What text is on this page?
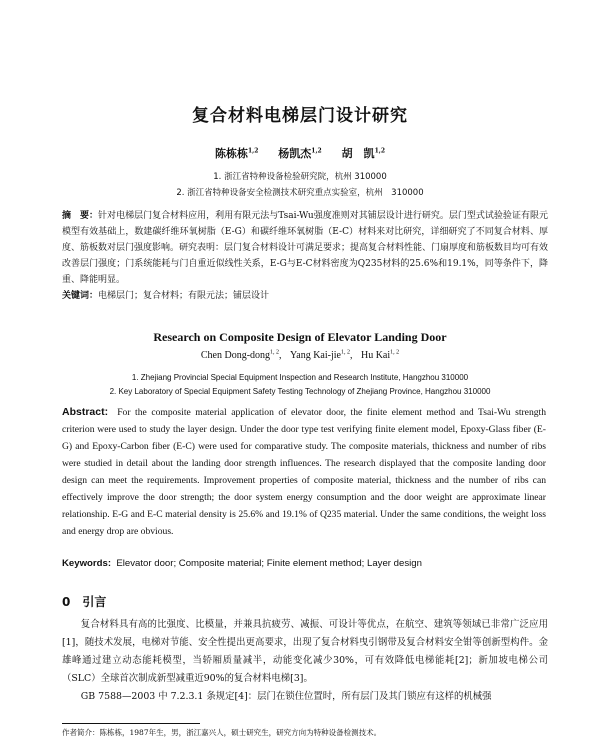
复合材料电梯层门设计研究
陈栋栋$^{1,2}$ 杨凯杰$^{1,2}$ 胡　凯$^{1,2}$
1. 浙江省特种设备检验研究院，杭州 310000
2. 浙江省特种设备安全检测技术研究重点实验室，杭州　310000
摘　要：针对电梯层门复合材料应用，利用有限元法与Tsai-Wu强度准则对其铺层设计进行研究。层门型式试验验证有限元模型有效基础上，数建碳纤维环氧树脂（E-G）和碳纤维环氧树脂（E-C）材料来对比研究，详细研究了不同复合材料、厚度、筋板数对层门强度影响。研究表明：层门复合材料设计可满足要求；提高复合材料性能、门扇厚度和筋板数目均可有效改善层门强度；门系统能耗与门自重近似线性关系，E-G与E-C材料密度为Q235材料的25.6%和19.1%，同等条件下，降重、降能明显。
关键词：电梯层门；复合材料；有限元法；铺层设计
Research on Composite Design of Elevator Landing Door
Chen Dong-dong$^{1, 2}$, Yang Kai-jie$^{1, 2}$, Hu Kai$^{1, 2}$
1. Zhejiang Provincial Special Equipment Inspection and Research Institute, Hangzhou 310000
2. Key Laboratory of Special Equipment Safety Testing Technology of Zhejiang Province, Hangzhou 310000
Abstract: For the composite material application of elevator door, the finite element method and Tsai-Wu strength criterion were used to study the layer design. Under the door type test verifying finite element model, Epoxy-Glass fiber (E-G) and Epoxy-Carbon fiber (E-C) were used for comparative study. The composite materials, thickness and number of ribs were studied in detail about the landing door strength influences. The research displayed that the composite landing door design can meet the requirements. Improvement properties of composite material, thickness and the number of ribs can effectively improve the door strength; the door system energy consumption and the door weight are approximate linear relationship. E-G and E-C material density is 25.6% and 19.1% of Q235 material. Under the same conditions, the weight loss and energy drop are obvious.
Keywords: Elevator door; Composite material; Finite element method; Layer design
0 引言

复合材料具有高的比强度、比模量，并兼具抗疲劳、减振、可设计等优点，在航空、建筑等领域已非常广泛应用[1]，随技术发展，电梯对节能、安全性提出更高要求，出现了复合材料曳引钢带及复合材料安全钳等创新型构件。金雄峰通过建立动态能耗模型，当轿厢质量减半，动能变化减少30%，可有效降低电梯能耗[2]；新加坡电梯公司（SLC）全球首次制成新型减重近90%的复合材料电梯[3]。

GB 7588—2003 中 7.2.3.1 条规定[4]：层门在锁住位置时，所有层门及其门锁应有这样的机械强

作者简介：陈栋栋，1987年生，男，浙江嘉兴人，硕士研究生，研究方向为特种设备检测技术。
